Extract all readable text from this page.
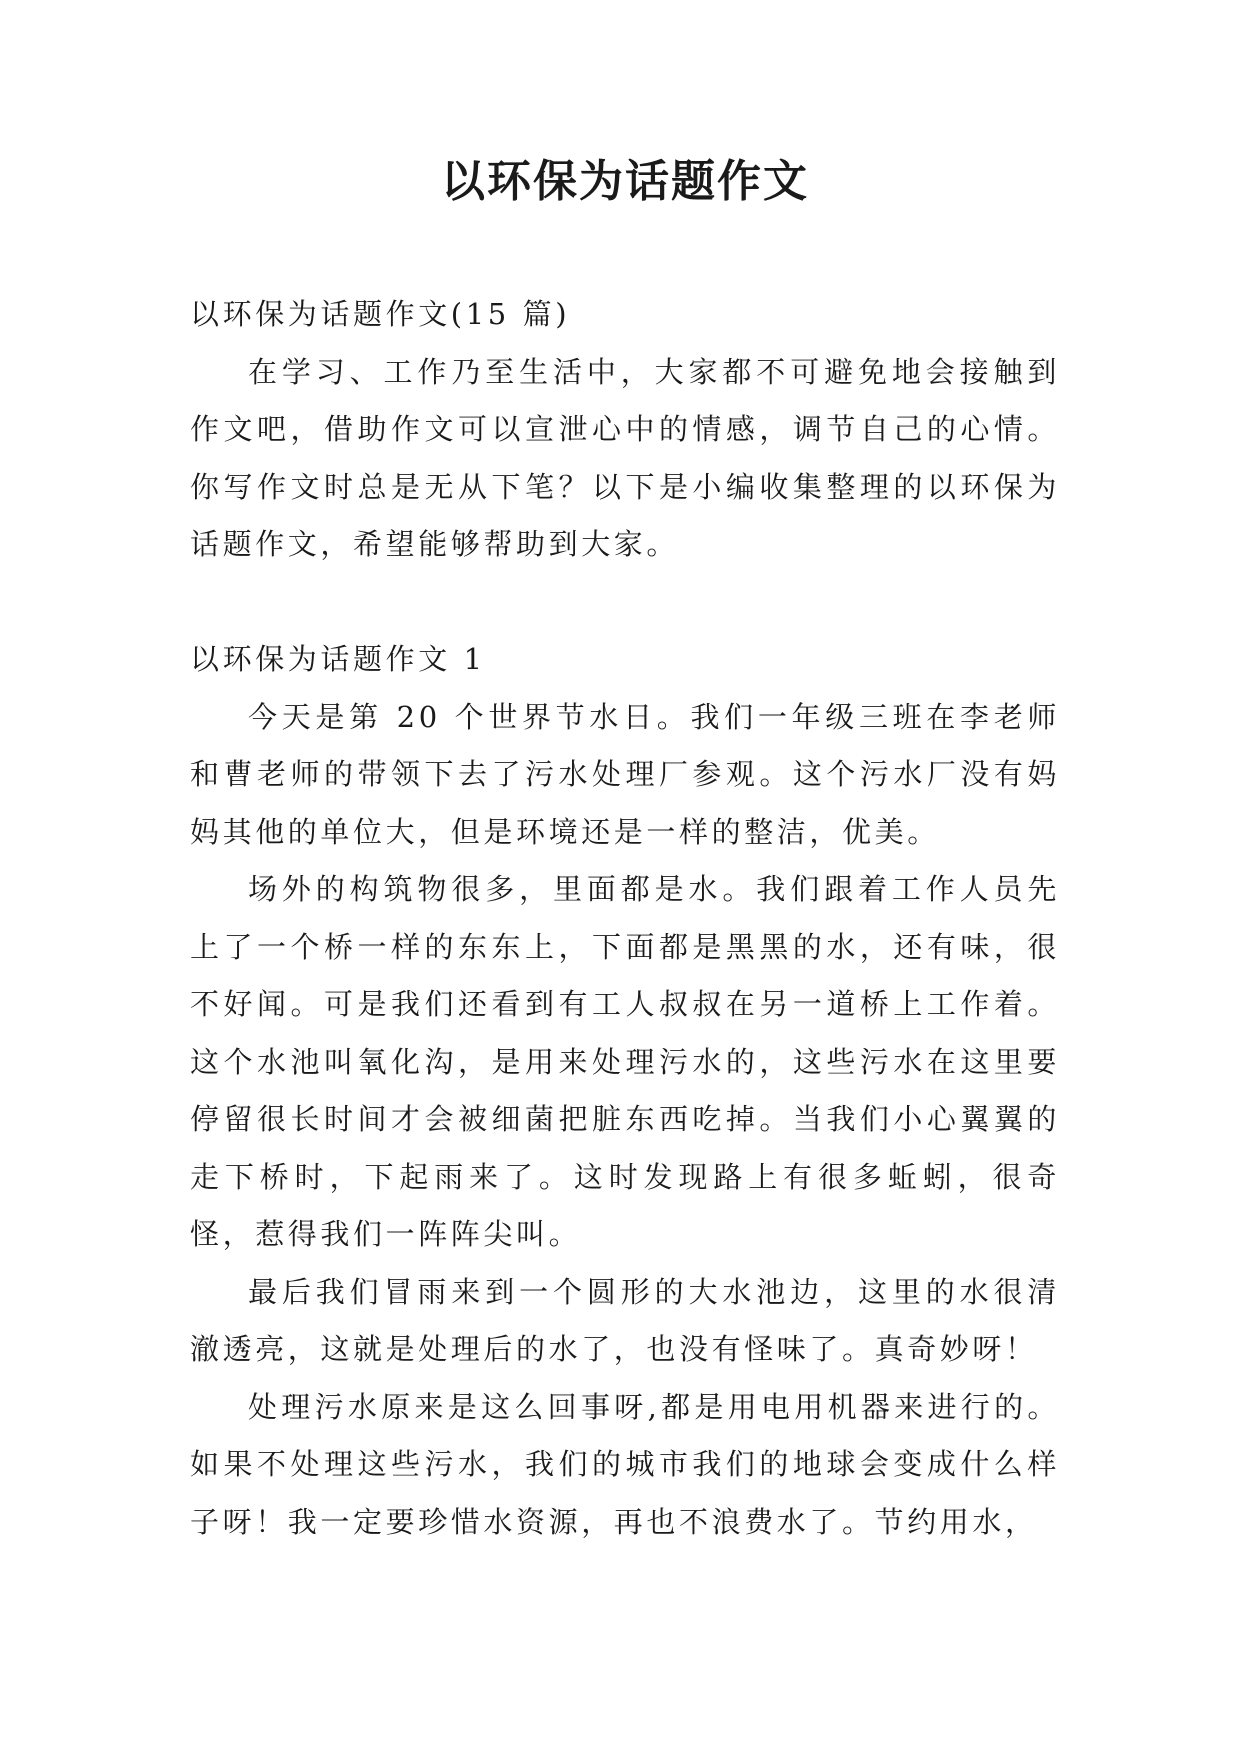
以环保为话题作文

以环保为话题作文(15 篇)

在学习、工作乃至生活中，大家都不可避免地会接触到作文吧，借助作文可以宣泄心中的情感，调节自己的心情。你写作文时总是无从下笔？以下是小编收集整理的以环保为话题作文，希望能够帮助到大家。

以环保为话题作文 1

今天是第 20 个世界节水日。我们一年级三班在李老师和曹老师的带领下去了污水处理厂参观。这个污水厂没有妈妈其他的单位大，但是环境还是一样的整洁，优美。

场外的构筑物很多，里面都是水。我们跟着工作人员先上了一个桥一样的东东上，下面都是黑黑的水，还有味，很不好闻。可是我们还看到有工人叔叔在另一道桥上工作着。这个水池叫氧化沟，是用来处理污水的，这些污水在这里要停留很长时间才会被细菌把脏东西吃掉。当我们小心翼翼的走下桥时，下起雨来了。这时发现路上有很多蚯蚓，很奇怪，惹得我们一阵阵尖叫。

最后我们冒雨来到一个圆形的大水池边，这里的水很清澈透亮，这就是处理后的水了，也没有怪味了。真奇妙呀！

处理污水原来是这么回事呀,都是用电用机器来进行的。如果不处理这些污水，我们的城市我们的地球会变成什么样子呀！我一定要珍惜水资源，再也不浪费水了。节约用水，
